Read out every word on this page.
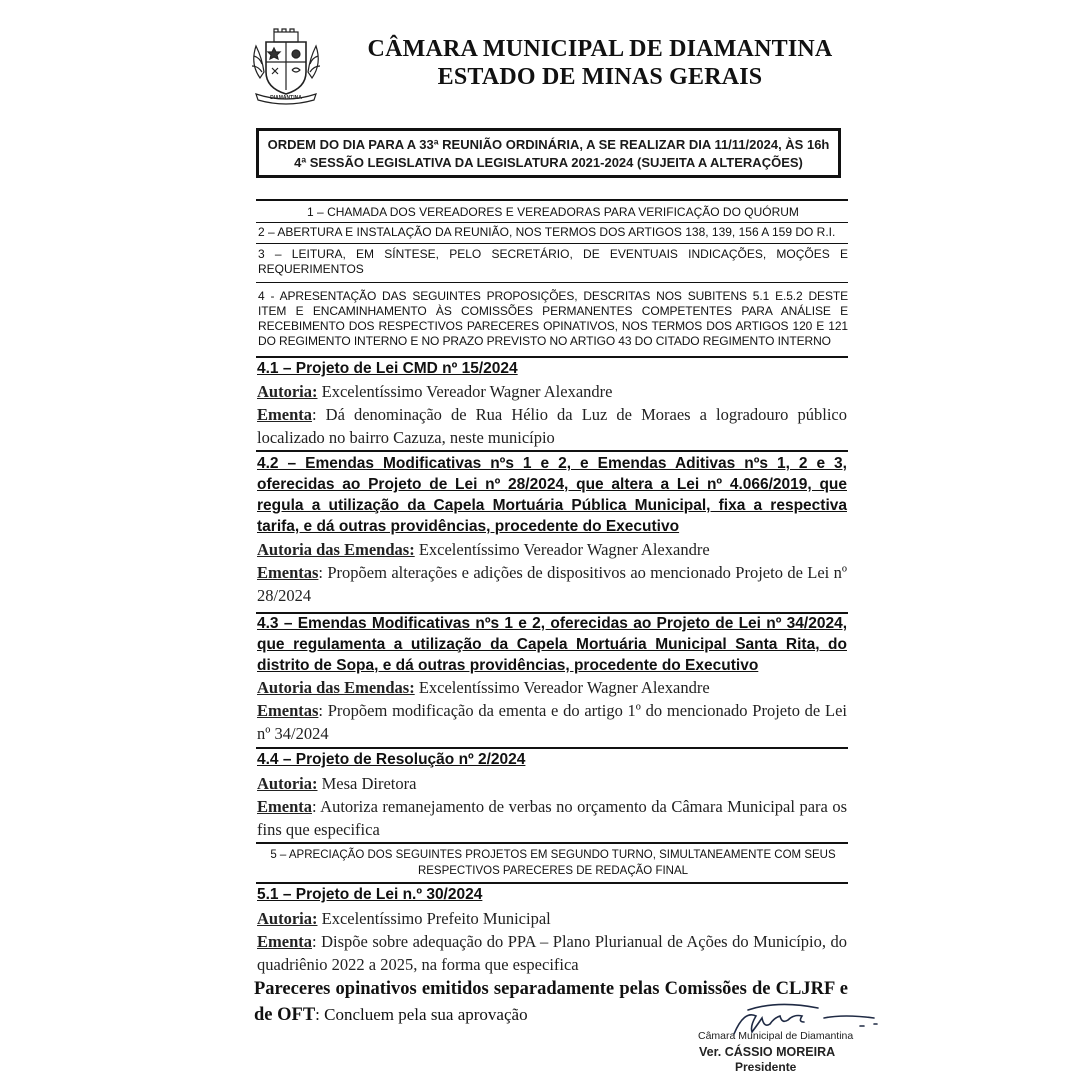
DIAMANTINA
CÂMARA MUNICIPAL DE DIAMANTINA
ESTADO DE MINAS GERAIS
ORDEM DO DIA PARA A 33ª REUNIÃO ORDINÁRIA, A SE REALIZAR DIA 11/11/2024, ÀS 16h
4ª SESSÃO LEGISLATIVA DA LEGISLATURA 2021-2024 (SUJEITA A ALTERAÇÕES)
1 – CHAMADA DOS VEREADORES E VEREADORAS PARA VERIFICAÇÃO DO QUÓRUM
2 – ABERTURA E INSTALAÇÃO DA REUNIÃO, NOS TERMOS DOS ARTIGOS 138, 139, 156 A 159 DO R.I.
3 – LEITURA, EM SÍNTESE, PELO SECRETÁRIO, DE EVENTUAIS INDICAÇÕES, MOÇÕES E REQUERIMENTOS
4 - APRESENTAÇÃO DAS SEGUINTES PROPOSIÇÕES, DESCRITAS NOS SUBITENS 5.1 E.5.2 DESTE ITEM E ENCAMINHAMENTO ÀS COMISSÕES PERMANENTES COMPETENTES PARA ANÁLISE E RECEBIMENTO DOS RESPECTIVOS PARECERES OPINATIVOS, NOS TERMOS DOS ARTIGOS 120 E 121 DO REGIMENTO INTERNO E NO PRAZO PREVISTO NO ARTIGO 43 DO CITADO REGIMENTO INTERNO
4.1 – Projeto de Lei CMD nº 15/2024
Autoria: Excelentíssimo Vereador Wagner Alexandre
Ementa: Dá denominação de Rua Hélio da Luz de Moraes a logradouro público localizado no bairro Cazuza, neste município
4.2 – Emendas Modificativas nºs 1 e 2, e Emendas Aditivas nºs 1, 2 e 3, oferecidas ao Projeto de Lei nº 28/2024, que altera a Lei nº 4.066/2019, que regula a utilização da Capela Mortuária Pública Municipal, fixa a respectiva tarifa, e dá outras providências, procedente do Executivo
Autoria das Emendas: Excelentíssimo Vereador Wagner Alexandre
Ementas: Propõem alterações e adições de dispositivos ao mencionado Projeto de Lei nº 28/2024
4.3 – Emendas Modificativas nºs 1 e 2, oferecidas ao Projeto de Lei nº 34/2024, que regulamenta a utilização da Capela Mortuária Municipal Santa Rita, do distrito de Sopa, e dá outras providências, procedente do Executivo
Autoria das Emendas: Excelentíssimo Vereador Wagner Alexandre
Ementas: Propõem modificação da ementa e do artigo 1º do mencionado Projeto de Lei nº 34/2024
4.4 – Projeto de Resolução nº 2/2024
Autoria: Mesa Diretora
Ementa: Autoriza remanejamento de verbas no orçamento da Câmara Municipal para os fins que especifica
5 – APRECIAÇÃO DOS SEGUINTES PROJETOS EM SEGUNDO TURNO, SIMULTANEAMENTE COM SEUS RESPECTIVOS PARECERES DE REDAÇÃO FINAL
5.1 – Projeto de Lei n.º 30/2024
Autoria: Excelentíssimo Prefeito Municipal
Ementa: Dispõe sobre adequação do PPA – Plano Plurianual de Ações do Município, do quadriênio 2022 a 2025, na forma que especifica
Pareceres opinativos emitidos separadamente pelas Comissões de CLJRF e de OFT: Concluem pela sua aprovação
Câmara Municipal de Diamantina
Ver. CÁSSIO MOREIRA
Presidente
